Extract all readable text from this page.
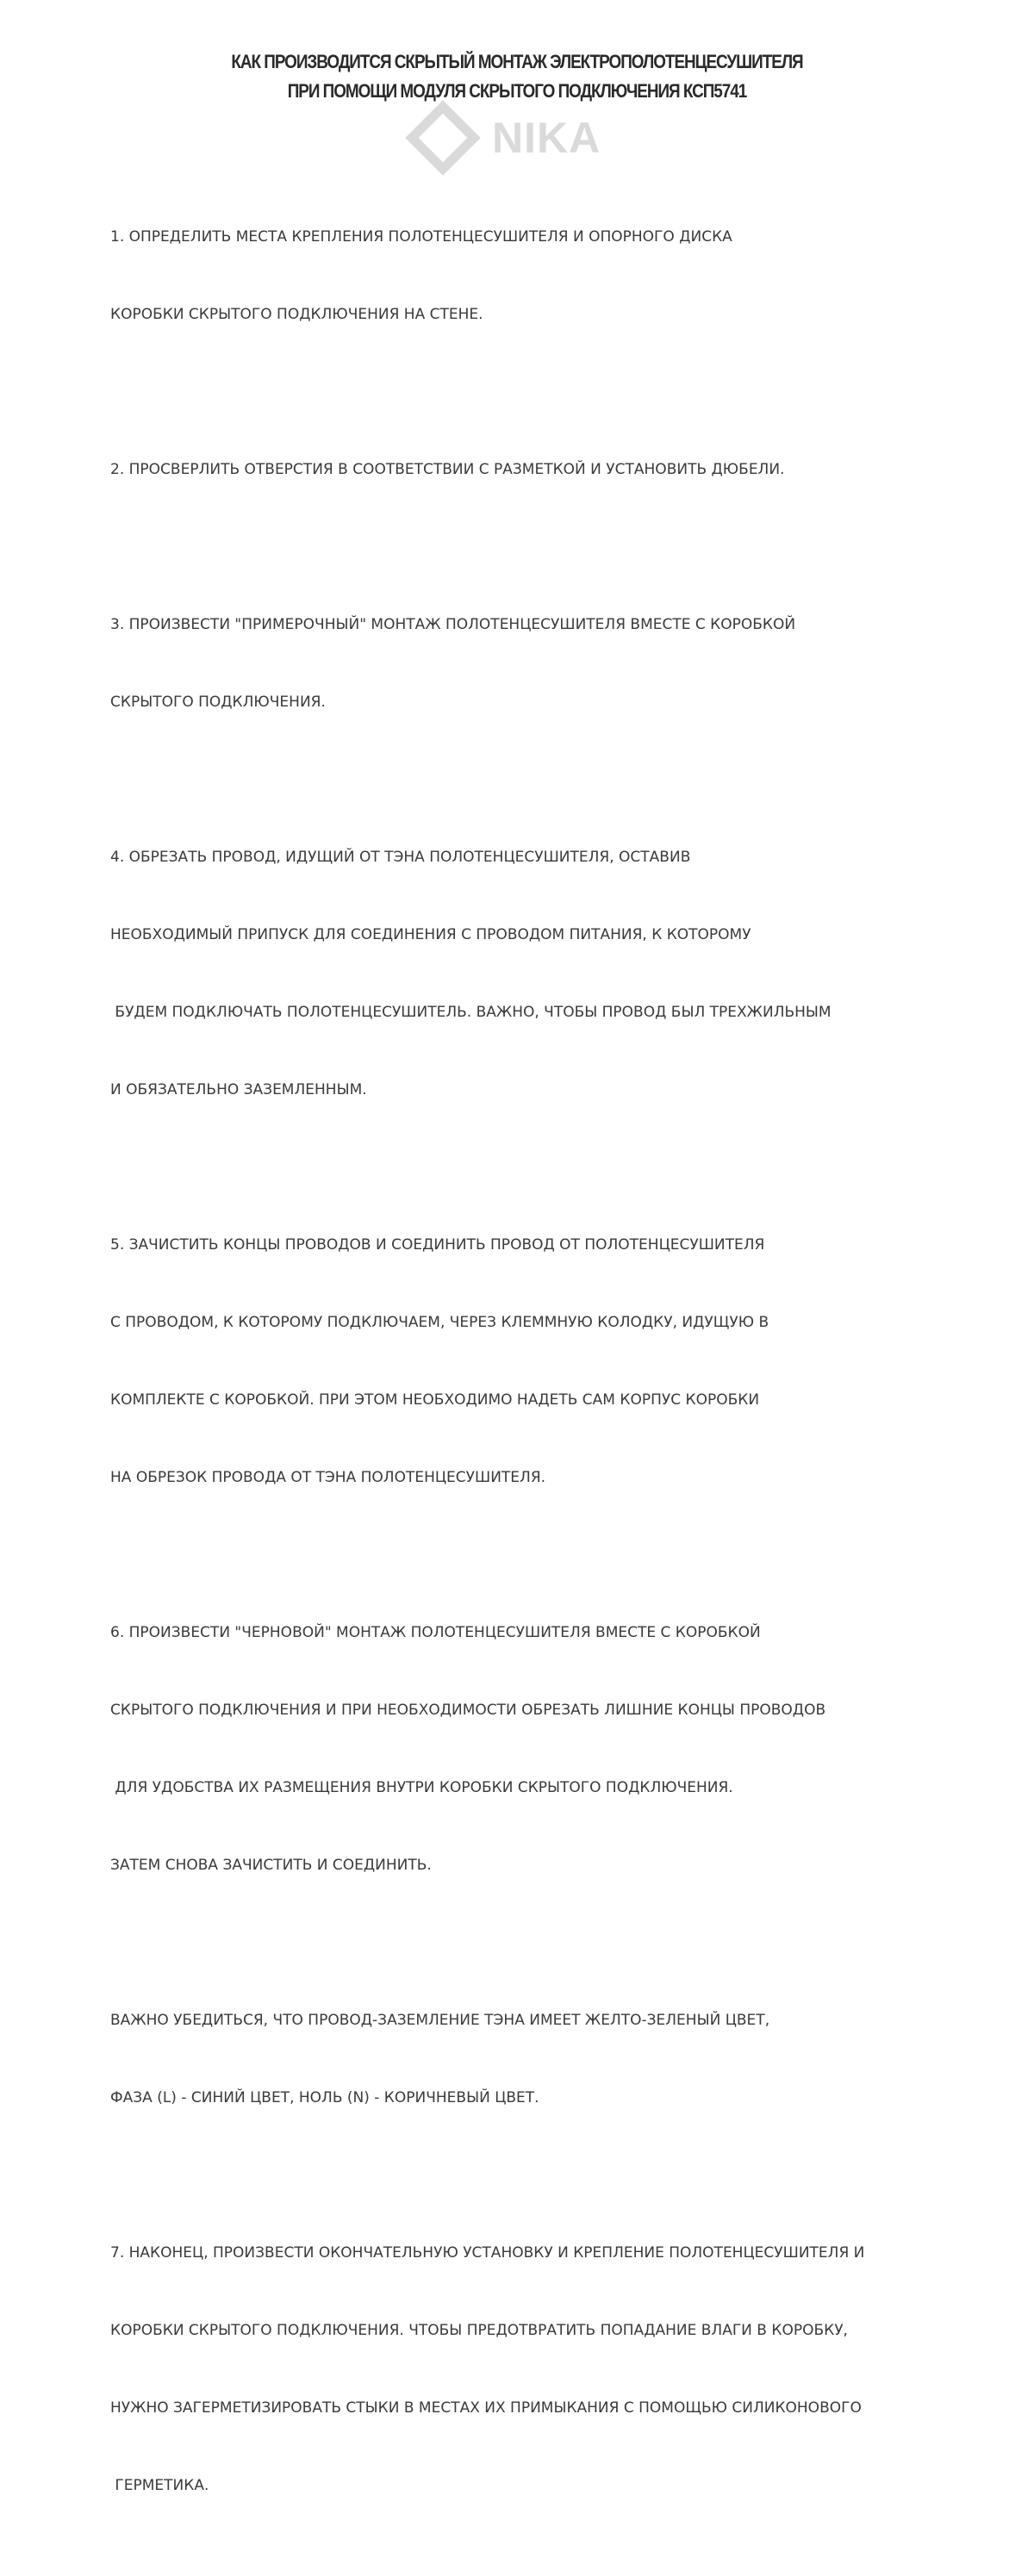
КАК ПРОИЗВОДИТСЯ СКРЫТЫЙ МОНТАЖ ЭЛЕКТРОПОЛОТЕНЦЕСУШИТЕЛЯ
ПРИ ПОМОЩИ МОДУЛЯ СКРЫТОГО ПОДКЛЮЧЕНИЯ КСП5741
NIKA

1. ОПРЕДЕЛИТЬ МЕСТА КРЕПЛЕНИЯ ПОЛОТЕНЦЕСУШИТЕЛЯ И ОПОРНОГО ДИСКА

КОРОБКИ СКРЫТОГО ПОДКЛЮЧЕНИЯ НА СТЕНЕ.

2. ПРОСВЕРЛИТЬ ОТВЕРСТИЯ В СООТВЕТСТВИИ С РАЗМЕТКОЙ И УСТАНОВИТЬ ДЮБЕЛИ.

3. ПРОИЗВЕСТИ "ПРИМЕРОЧНЫЙ" МОНТАЖ ПОЛОТЕНЦЕСУШИТЕЛЯ ВМЕСТЕ С КОРОБКОЙ

СКРЫТОГО ПОДКЛЮЧЕНИЯ.

4. ОБРЕЗАТЬ ПРОВОД, ИДУЩИЙ ОТ ТЭНА ПОЛОТЕНЦЕСУШИТЕЛЯ, ОСТАВИВ

НЕОБХОДИМЫЙ ПРИПУСК ДЛЯ СОЕДИНЕНИЯ С ПРОВОДОМ ПИТАНИЯ, К КОТОРОМУ

БУДЕМ ПОДКЛЮЧАТЬ ПОЛОТЕНЦЕСУШИТЕЛЬ. ВАЖНО, ЧТОБЫ ПРОВОД БЫЛ ТРЕХЖИЛЬНЫМ

И ОБЯЗАТЕЛЬНО ЗАЗЕМЛЕННЫМ.

5. ЗАЧИСТИТЬ КОНЦЫ ПРОВОДОВ И СОЕДИНИТЬ ПРОВОД ОТ ПОЛОТЕНЦЕСУШИТЕЛЯ

С ПРОВОДОМ, К КОТОРОМУ ПОДКЛЮЧАЕМ, ЧЕРЕЗ КЛЕММНУЮ КОЛОДКУ, ИДУЩУЮ В

КОМПЛЕКТЕ С КОРОБКОЙ. ПРИ ЭТОМ НЕОБХОДИМО НАДЕТЬ САМ КОРПУС КОРОБКИ

НА ОБРЕЗОК ПРОВОДА ОТ ТЭНА ПОЛОТЕНЦЕСУШИТЕЛЯ.

6. ПРОИЗВЕСТИ "ЧЕРНОВОЙ" МОНТАЖ ПОЛОТЕНЦЕСУШИТЕЛЯ ВМЕСТЕ С КОРОБКОЙ

СКРЫТОГО ПОДКЛЮЧЕНИЯ И ПРИ НЕОБХОДИМОСТИ ОБРЕЗАТЬ ЛИШНИЕ КОНЦЫ ПРОВОДОВ

ДЛЯ УДОБСТВА ИХ РАЗМЕЩЕНИЯ ВНУТРИ КОРОБКИ СКРЫТОГО ПОДКЛЮЧЕНИЯ.

ЗАТЕМ СНОВА ЗАЧИСТИТЬ И СОЕДИНИТЬ.

ВАЖНО УБЕДИТЬСЯ, ЧТО ПРОВОД-ЗАЗЕМЛЕНИЕ ТЭНА ИМЕЕТ ЖЕЛТО-ЗЕЛЕНЫЙ ЦВЕТ,

ФАЗА (L) - СИНИЙ ЦВЕТ, НОЛЬ (N) - КОРИЧНЕВЫЙ ЦВЕТ.

7. НАКОНЕЦ, ПРОИЗВЕСТИ ОКОНЧАТЕЛЬНУЮ УСТАНОВКУ И КРЕПЛЕНИЕ ПОЛОТЕНЦЕСУШИТЕЛЯ И

КОРОБКИ СКРЫТОГО ПОДКЛЮЧЕНИЯ. ЧТОБЫ ПРЕДОТВРАТИТЬ ПОПАДАНИЕ ВЛАГИ В КОРОБКУ,

НУЖНО ЗАГЕРМЕТИЗИРОВАТЬ СТЫКИ В МЕСТАХ ИХ ПРИМЫКАНИЯ С ПОМОЩЬЮ СИЛИКОНОВОГО

ГЕРМЕТИКА.
